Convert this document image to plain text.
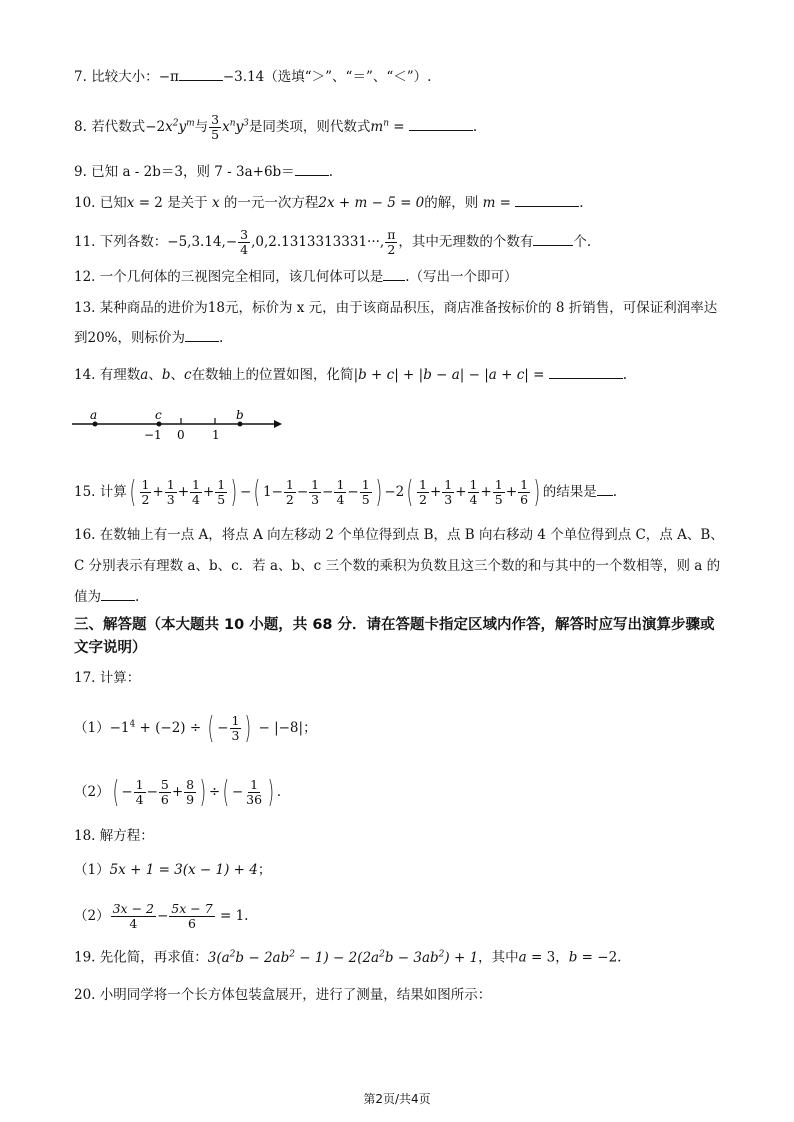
7. 比较大小：−π	−3.14（选填“＞”、“＝”、“＜”）.
8. 若代数式$-2x^2y^m$与 $\frac{3}{5} x^ny^3$是同类项，则代数式$m^n$ =	.
9. 已知 a - 2b＝3，则 7 - 3a+6b＝	.
10. 已知x = 2 是关于 x 的一元一次方程2x + m − 5 = 0的解，则 m =	.
11. 下列各数：$-5,3.14,- \frac{3}{4} ,0,2.1313313331\cdot\cdot\cdot$, $\frac{\pi}{2}$ ，其中无理数的个数有	个.
12. 一个几何体的三视图完全相同，该几何体可以是 .（写出一个即可）
13. 某种商品的进价为18元，标价为 x 元，由于该商品积压，商店准备按标价的 8 折销售，可保证利润率达到20%，则标价为	.
14. 有理数a、b、c在数轴上的位置如图，化简|b + c| + |b − a| − |a + c| =	.
a	c	b
−1 0 1
15. 计算( $\frac{1}{2} + \frac{1}{3} + \frac{1}{4} + \frac{1}{5}$ ) −( $1- \frac{1}{2} - \frac{1}{3} - \frac{1}{4} - \frac{1}{5}$ ) $-2( \frac{1}{2} + \frac{1}{3} + \frac{1}{4} + \frac{1}{5} + \frac{1}{6}$ ) 的结果是 .
16. 在数轴上有一点 A，将点 A 向左移动 2 个单位得到点 B，点 B 向右移动 4 个单位得到点 C，点 A、B、C 分别表示有理数 a、b、c．若 a、b、c 三个数的乘积为负数且这三个数的和与其中的一个数相等，则 a 的值为	.
三、解答题（本大题共 10 小题，共 68 分．请在答题卡指定区域内作答，解答时应写出演算步骤或文字说明）
17. 计算：
$(1)-1^4 + (-2)$ ÷ ( − $\frac{1}{3}$ ) − |−8|；
$(2)( - \frac{1}{4} - \frac{5}{6} + \frac{8}{9}$ ) ÷( − $\frac{1}{36}$ ) .
18. 解方程：
（1）5x + 1 = 3(x − 1) + 4；
$(2) \frac{3x - 2}{4} - \frac{5x - 7}{6} = 1$.
19. 先化简，再求值：$3(a^2b - 2ab^2 - 1) - 2(2a^2b - 3ab^2) + 1$，其中a = 3，b = −2.
20. 小明同学将一个长方体包装盒展开，进行了测量，结果如图所示：
第2页/共4页
